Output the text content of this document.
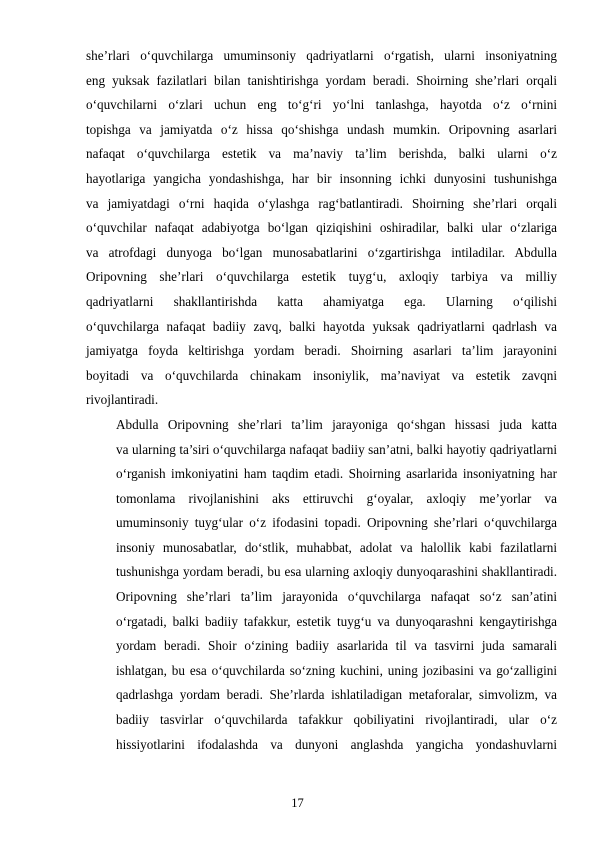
she’rlari o‘quvchilarga umuminsoniy qadriyatlarni o‘rgatish, ularni insoniyatning
eng yuksak fazilatlari bilan tanishtirishga yordam beradi. Shoirning she’rlari orqali
o‘quvchilarni o‘zlari uchun eng to‘g‘ri yo‘lni tanlashga, hayotda o‘z o‘rnini
topishga va jamiyatda o‘z hissa qo‘shishga undash mumkin. Oripovning asarlari
nafaqat o‘quvchilarga estetik va ma’naviy ta’lim berishda, balki ularni o‘z
hayotlariga yangicha yondashishga, har bir insonning ichki dunyosini tushunishga
va jamiyatdagi o‘rni haqida o‘ylashga rag‘batlantiradi. Shoirning she’rlari orqali
o‘quvchilar nafaqat adabiyotga bo‘lgan qiziqishini oshiradilar, balki ular o‘zlariga
va atrofdagi dunyoga bo‘lgan munosabatlarini o‘zgartirishga intiladilar. Abdulla
Oripovning she’rlari o‘quvchilarga estetik tuyg‘u, axloqiy tarbiya va milliy
qadriyatlarni shakllantirishda katta ahamiyatga ega. Ularning o‘qilishi
o‘quvchilarga nafaqat badiiy zavq, balki hayotda yuksak qadriyatlarni qadrlash va
jamiyatga foyda keltirishga yordam beradi. Shoirning asarlari ta’lim jarayonini
boyitadi va o‘quvchilarda chinakam insoniylik, ma’naviyat va estetik zavqni
rivojlantiradi.

Abdulla Oripovning she’rlari ta’lim jarayoniga qo‘shgan hissasi juda katta
va ularning ta’siri o‘quvchilarga nafaqat badiiy san’atni, balki hayotiy qadriyatlarni
o‘rganish imkoniyatini ham taqdim etadi. Shoirning asarlarida insoniyatning har
tomonlama rivojlanishini aks ettiruvchi g‘oyalar, axloqiy me’yorlar va
umuminsoniy tuyg‘ular o‘z ifodasini topadi. Oripovning she’rlari o‘quvchilarga
insoniy munosabatlar, do‘stlik, muhabbat, adolat va halollik kabi fazilatlarni
tushunishga yordam beradi, bu esa ularning axloqiy dunyoqarashini shakllantiradi.
Oripovning she’rlari ta’lim jarayonida o‘quvchilarga nafaqat so‘z san’atini
o‘rgatadi, balki badiiy tafakkur, estetik tuyg‘u va dunyoqarashni kengaytirishga
yordam beradi. Shoir o‘zining badiiy asarlarida til va tasvirni juda samarali
ishlatgan, bu esa o‘quvchilarda so‘zning kuchini, uning jozibasini va go‘zalligini
qadrlashga yordam beradi. She’rlarda ishlatiladigan metaforalar, simvolizm, va
badiiy tasvirlar o‘quvchilarda tafakkur qobiliyatini rivojlantiradi, ular o‘z
hissiyotlarini ifodalashda va dunyoni anglashda yangicha yondashuvlarni

17
